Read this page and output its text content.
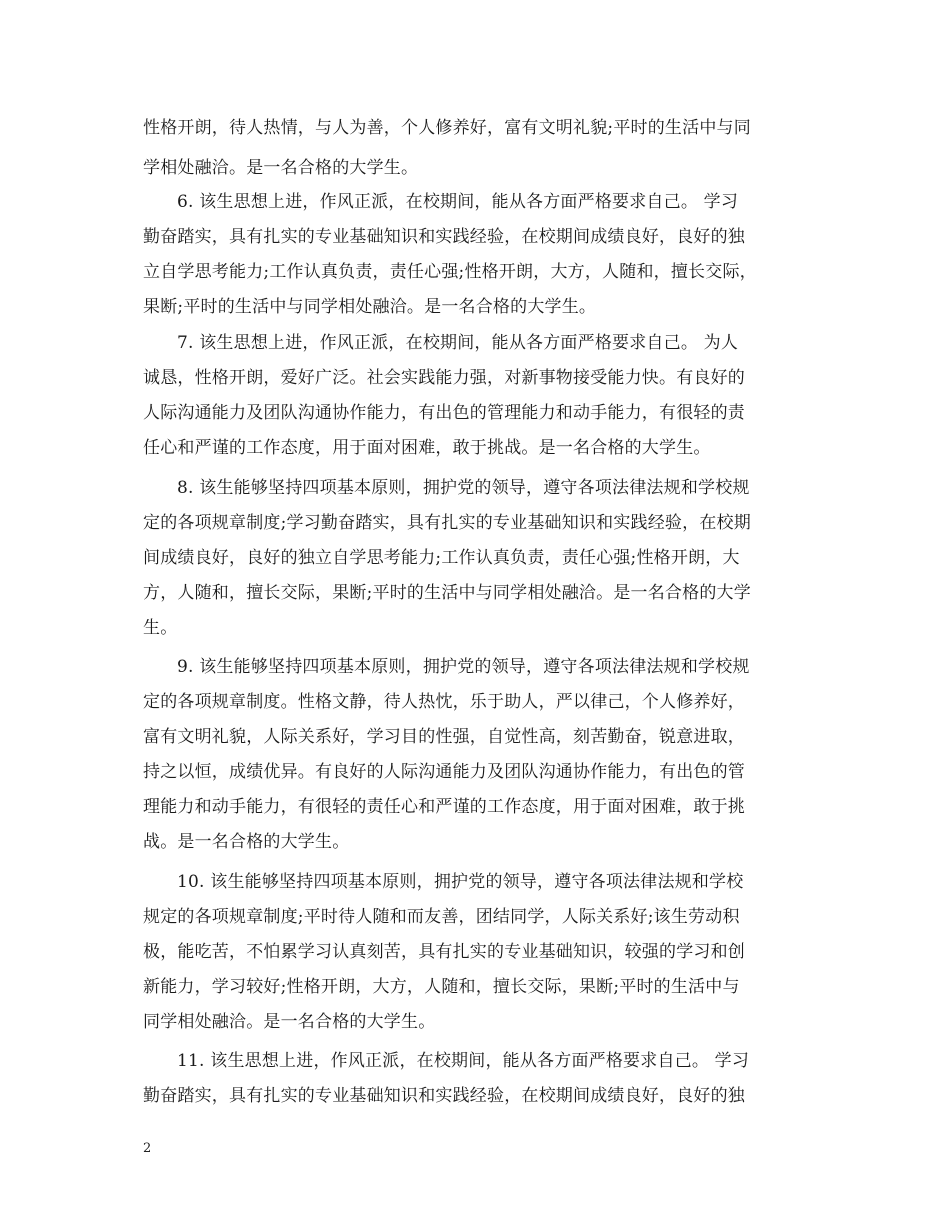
性格开朗，待人热情，与人为善，个人修养好，富有文明礼貌;平时的生活中与同
学相处融洽。是一名合格的大学生。
6. 该生思想上进，作风正派，在校期间，能从各方面严格要求自己。 学习
勤奋踏实，具有扎实的专业基础知识和实践经验，在校期间成绩良好，良好的独
立自学思考能力;工作认真负责，责任心强;性格开朗，大方，人随和，擅长交际，
果断;平时的生活中与同学相处融洽。是一名合格的大学生。
7. 该生思想上进，作风正派，在校期间，能从各方面严格要求自己。 为人
诚恳，性格开朗，爱好广泛。社会实践能力强，对新事物接受能力快。有良好的
人际沟通能力及团队沟通协作能力，有出色的管理能力和动手能力，有很轻的责
任心和严谨的工作态度，用于面对困难，敢于挑战。是一名合格的大学生。
8. 该生能够坚持四项基本原则，拥护党的领导，遵守各项法律法规和学校规
定的各项规章制度;学习勤奋踏实，具有扎实的专业基础知识和实践经验，在校期
间成绩良好，良好的独立自学思考能力;工作认真负责，责任心强;性格开朗，大
方，人随和，擅长交际，果断;平时的生活中与同学相处融洽。是一名合格的大学
生。
9. 该生能够坚持四项基本原则，拥护党的领导，遵守各项法律法规和学校规
定的各项规章制度。性格文静，待人热忱，乐于助人，严以律己，个人修养好，
富有文明礼貌，人际关系好，学习目的性强，自觉性高，刻苦勤奋，锐意进取，
持之以恒，成绩优异。有良好的人际沟通能力及团队沟通协作能力，有出色的管
理能力和动手能力，有很轻的责任心和严谨的工作态度，用于面对困难，敢于挑
战。是一名合格的大学生。
10. 该生能够坚持四项基本原则，拥护党的领导，遵守各项法律法规和学校
规定的各项规章制度;平时待人随和而友善，团结同学，人际关系好;该生劳动积
极，能吃苦，不怕累学习认真刻苦，具有扎实的专业基础知识，较强的学习和创
新能力，学习较好;性格开朗，大方，人随和，擅长交际，果断;平时的生活中与
同学相处融洽。是一名合格的大学生。
11. 该生思想上进，作风正派，在校期间，能从各方面严格要求自己。 学习
勤奋踏实，具有扎实的专业基础知识和实践经验，在校期间成绩良好，良好的独
2
